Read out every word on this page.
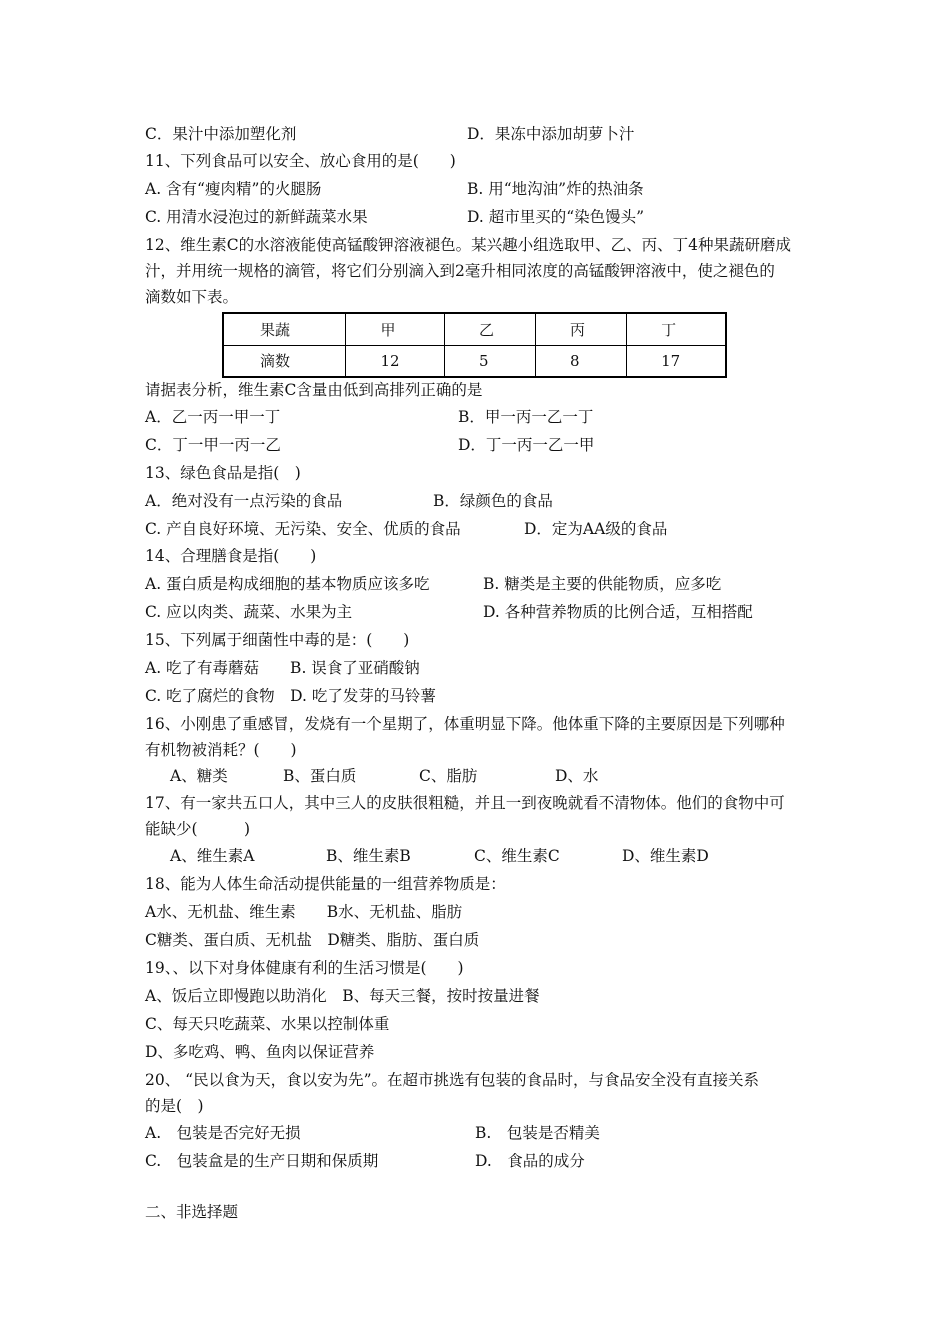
C．果汁中添加塑化剂	D．果冻中添加胡萝卜汁
11、下列食品可以安全、放心食用的是(　　)
A. 含有“瘦肉精”的火腿肠	B. 用“地沟油”炸的热油条
C. 用清水浸泡过的新鲜蔬菜水果	D. 超市里买的“染色馒头”
12、维生素C的水溶液能使高锰酸钾溶液褪色。某兴趣小组选取甲、乙、丙、丁4种果蔬研磨成
汁，并用统一规格的滴管，将它们分别滴入到2毫升相同浓度的高锰酸钾溶液中，使之褪色的
滴数如下表。
果蔬	甲	乙	丙	丁
滴数	12	5	8	17
请据表分析，维生素C含量由低到高排列正确的是
A．乙一丙一甲一丁	B．甲一丙一乙一丁
C．丁一甲一丙一乙	D．丁一丙一乙一甲
13、绿色食品是指(　)
A．绝对没有一点污染的食品	B．绿颜色的食品
C. 产自良好环境、无污染、安全、优质的食品	D．定为AA级的食品
14、合理膳食是指(　　)
A. 蛋白质是构成细胞的基本物质应该多吃	B. 糖类是主要的供能物质，应多吃
C. 应以肉类、蔬菜、水果为主	D. 各种营养物质的比例合适，互相搭配
15、下列属于细菌性中毒的是：(　　)
A. 吃了有毒蘑菇　　B. 误食了亚硝酸钠
C. 吃了腐烂的食物　D. 吃了发芽的马铃薯
16、小刚患了重感冒，发烧有一个星期了，体重明显下降。他体重下降的主要原因是下列哪种
有机物被消耗？(　　)
A、糖类	B、蛋白质	C、脂肪	D、水
17、有一家共五口人，其中三人的皮肤很粗糙，并且一到夜晚就看不清物体。他们的食物中可
能缺少(　　　)
A、维生素A	B、维生素B	C、维生素C	D、维生素D
18、能为人体生命活动提供能量的一组营养物质是：
A水、无机盐、维生素　　B水、无机盐、脂肪
C糖类、蛋白质、无机盐　D糖类、脂肪、蛋白质
19、、以下对身体健康有利的生活习惯是(　　)
A、饭后立即慢跑以助消化　B、每天三餐，按时按量进餐
C、每天只吃蔬菜、水果以控制体重
D、多吃鸡、鸭、鱼肉以保证营养
20、 “民以食为天，食以安为先”。在超市挑选有包装的食品时，与食品安全没有直接关系
的是(　)
A.　包装是否完好无损	B.　包装是否精美
C.　包装盒是的生产日期和保质期	D.　食品的成分
二、非选择题
